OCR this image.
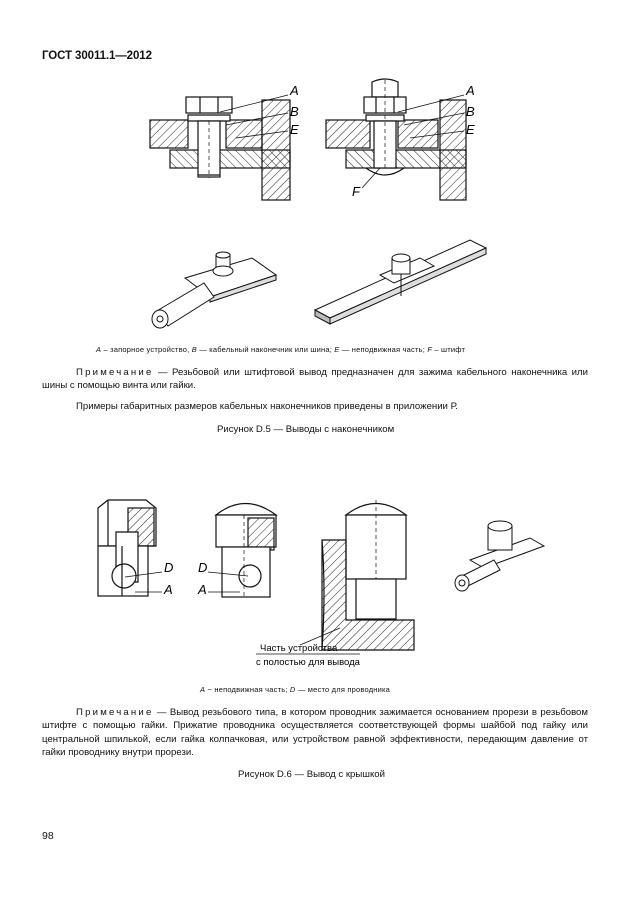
ГОСТ 30011.1—2012
A
B
E
A
B
E
F
A – запорное устройство, B — кабельный наконечник или шина; E — неподвижная часть; F – штифт
Примечание — Резьбовой или штифтовой вывод предназначен для зажима кабельного наконечника или шины с помощью винта или гайки.
Примеры габаритных размеров кабельных наконечников приведены в приложении Р.
Рисунок D.5 — Выводы с наконечником
D
A
D
A
Часть устройства
с полостью для вывода
A ~ неподвижная часть; D — место для проводника
Примечание — Вывод резьбового типа, в котором проводник зажимается основанием прорези в резьбовом штифте с помощью гайки. Прижатие проводника осуществляется соответствующей формы шайбой под гайку или центральной шпилькой, если гайка колпачковая, или устройством равной эффективности, передающим давление от гайки проводнику внутри прорези.
Рисунок D.6 — Вывод с крышкой
98
